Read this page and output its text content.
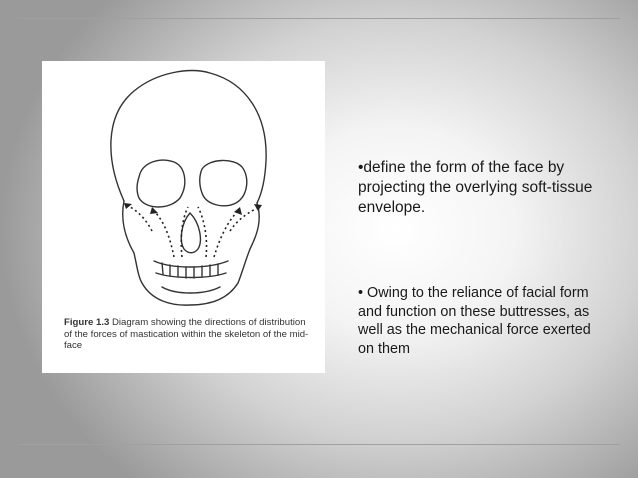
Figure 1.3 Diagram showing the directions of distribution of the forces of mastication within the skeleton of the mid-face
•define the form of the face by projecting the overlying soft-tissue envelope.
• Owing to the reliance of facial form and function on these buttresses, as well as the mechanical force exerted on them
